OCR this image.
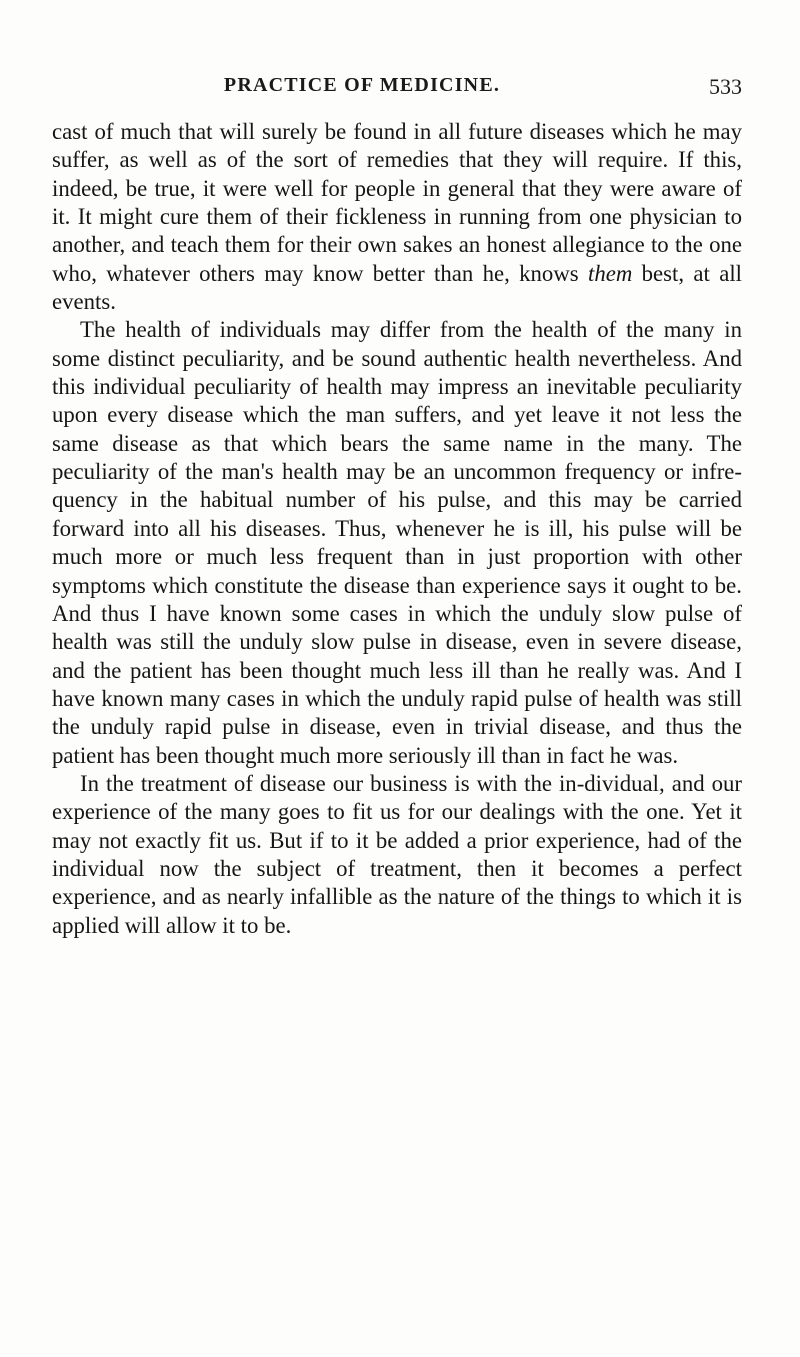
PRACTICE OF MEDICINE.	533

cast of much that will surely be found in all future diseases which he may suffer, as well as of the sort of remedies that they will require. If this, indeed, be true, it were well for people in general that they were aware of it. It might cure them of their fickleness in running from one physician to another, and teach them for their own sakes an honest allegiance to the one who, whatever others may know better than he, knows them best, at all events.

The health of individuals may differ from the health of the many in some distinct peculiarity, and be sound authentic health nevertheless. And this individual peculiarity of health may impress an inevitable peculiarity upon every disease which the man suffers, and yet leave it not less the same disease as that which bears the same name in the many. The peculiarity of the man's health may be an uncommon frequency or infre-quency in the habitual number of his pulse, and this may be carried forward into all his diseases. Thus, whenever he is ill, his pulse will be much more or much less frequent than in just proportion with other symptoms which constitute the disease than experience says it ought to be. And thus I have known some cases in which the unduly slow pulse of health was still the unduly slow pulse in disease, even in severe disease, and the patient has been thought much less ill than he really was. And I have known many cases in which the unduly rapid pulse of health was still the unduly rapid pulse in disease, even in trivial disease, and thus the patient has been thought much more seriously ill than in fact he was.

In the treatment of disease our business is with the in-dividual, and our experience of the many goes to fit us for our dealings with the one. Yet it may not exactly fit us. But if to it be added a prior experience, had of the individual now the subject of treatment, then it becomes a perfect experience, and as nearly infallible as the nature of the things to which it is applied will allow it to be.
